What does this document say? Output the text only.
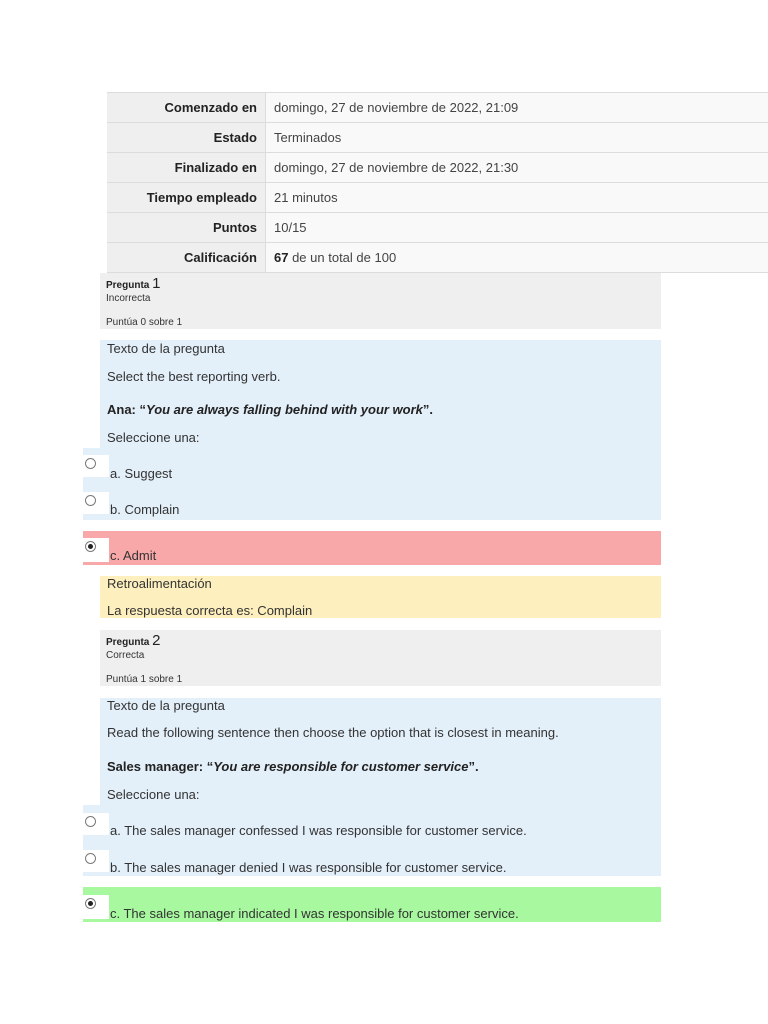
Comenzado en	domingo, 27 de noviembre de 2022, 21:09
Estado	Terminados
Finalizado en	domingo, 27 de noviembre de 2022, 21:30
Tiempo empleado	21 minutos
Puntos	10/15
Calificación	67 de un total de 100
Pregunta 1
Incorrecta
Puntúa 0 sobre 1
Texto de la pregunta
Select the best reporting verb.
Ana: “You are always falling behind with your work”.
Seleccione una:
a. Suggest
b. Complain
c. Admit
Retroalimentación
La respuesta correcta es: Complain
Pregunta 2
Correcta
Puntúa 1 sobre 1
Texto de la pregunta
Read the following sentence then choose the option that is closest in meaning.
Sales manager: “You are responsible for customer service”.
Seleccione una:
a. The sales manager confessed I was responsible for customer service.
b. The sales manager denied I was responsible for customer service.
c. The sales manager indicated I was responsible for customer service.
